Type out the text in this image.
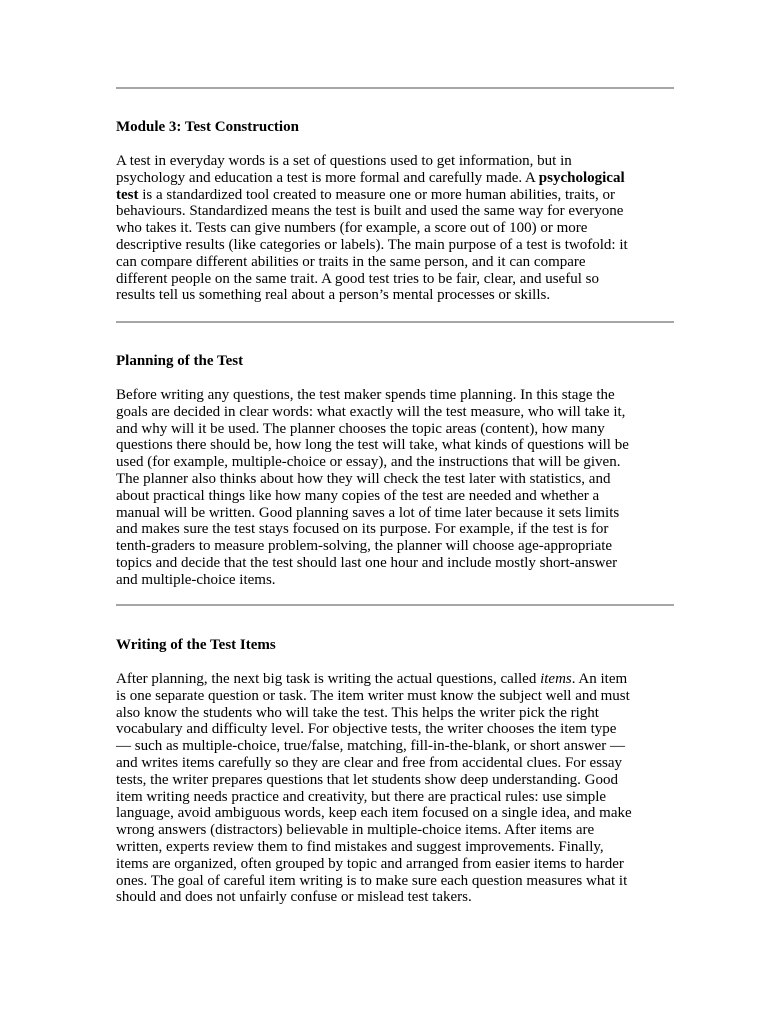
Module 3: Test Construction
A test in everyday words is a set of questions used to get information, but in
psychology and education a test is more formal and carefully made. A psychological
test is a standardized tool created to measure one or more human abilities, traits, or
behaviours. Standardized means the test is built and used the same way for everyone
who takes it. Tests can give numbers (for example, a score out of 100) or more
descriptive results (like categories or labels). The main purpose of a test is twofold: it
can compare different abilities or traits in the same person, and it can compare
different people on the same trait. A good test tries to be fair, clear, and useful so
results tell us something real about a person’s mental processes or skills.
Planning of the Test
Before writing any questions, the test maker spends time planning. In this stage the
goals are decided in clear words: what exactly will the test measure, who will take it,
and why will it be used. The planner chooses the topic areas (content), how many
questions there should be, how long the test will take, what kinds of questions will be
used (for example, multiple-choice or essay), and the instructions that will be given.
The planner also thinks about how they will check the test later with statistics, and
about practical things like how many copies of the test are needed and whether a
manual will be written. Good planning saves a lot of time later because it sets limits
and makes sure the test stays focused on its purpose. For example, if the test is for
tenth-graders to measure problem-solving, the planner will choose age-appropriate
topics and decide that the test should last one hour and include mostly short-answer
and multiple-choice items.
Writing of the Test Items
After planning, the next big task is writing the actual questions, called items. An item
is one separate question or task. The item writer must know the subject well and must
also know the students who will take the test. This helps the writer pick the right
vocabulary and difficulty level. For objective tests, the writer chooses the item type
— such as multiple-choice, true/false, matching, fill-in-the-blank, or short answer —
and writes items carefully so they are clear and free from accidental clues. For essay
tests, the writer prepares questions that let students show deep understanding. Good
item writing needs practice and creativity, but there are practical rules: use simple
language, avoid ambiguous words, keep each item focused on a single idea, and make
wrong answers (distractors) believable in multiple-choice items. After items are
written, experts review them to find mistakes and suggest improvements. Finally,
items are organized, often grouped by topic and arranged from easier items to harder
ones. The goal of careful item writing is to make sure each question measures what it
should and does not unfairly confuse or mislead test takers.
